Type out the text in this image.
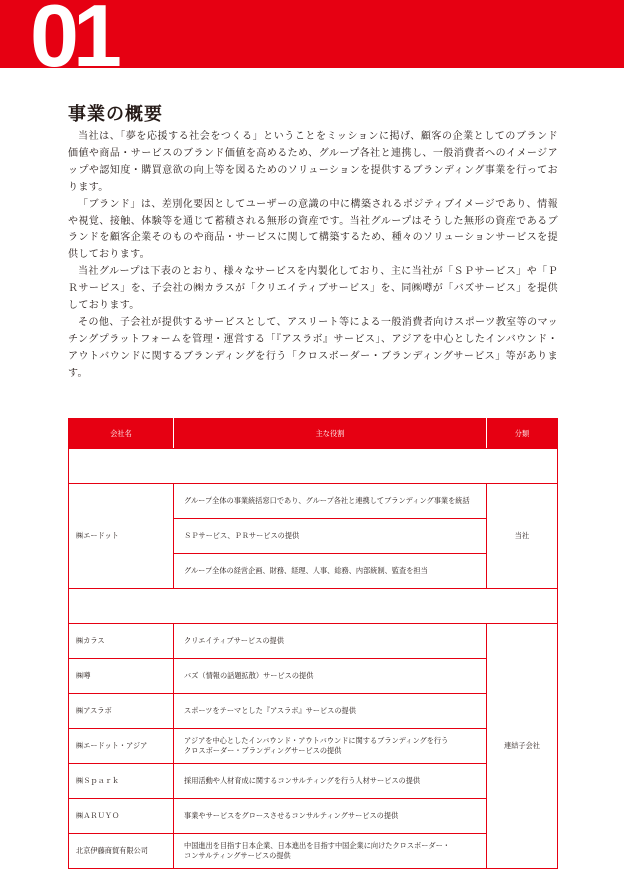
01
事業の概要

当社は、「夢を応援する社会をつくる」ということをミッションに掲げ、顧客の企業としてのブランド価値や商品・サービスのブランド価値を高めるため、グループ各社と連携し、一般消費者へのイメージアップや認知度・購買意欲の向上等を図るためのソリューションを提供するブランディング事業を行っております。

「ブランド」は、差別化要因としてユーザーの意識の中に構築されるポジティブイメージであり、情報や視覚、接触、体験等を通じて蓄積される無形の資産です。当社グループはそうした無形の資産であるブランドを顧客企業そのものや商品・サービスに関して構築するため、種々のソリューションサービスを提供しております。

当社グループは下表のとおり、様々なサービスを内製化しており、主に当社が「ＳＰサービス」や「ＰＲサービス」を、子会社の㈱カラスが「クリエイティブサービス」を、同㈱噂が「バズサービス」を提供しております。

その他、子会社が提供するサービスとして、アスリート等による一般消費者向けスポーツ教室等のマッチングプラットフォームを管理・運営する「『アスラボ』サービス」、アジアを中心としたインバウンド・アウトバウンドに関するブランディングを行う「クロスボーダー・ブランディングサービス」等があります。

会社名	主な役割	分類

㈱エードット	グループ全体の事業統括窓口であり、グループ各社と連携してブランディング事業を統括	当社
	ＳＰサービス、ＰＲサービスの提供	
	グループ全体の経営企画、財務、経理、人事、総務、内部統制、監査を担当	

㈱カラス	クリエイティブサービスの提供	連結子会社
㈱噂	バズ（情報の話題拡散）サービスの提供	
㈱アスラボ	スポーツをテーマとした『アスラボ』サービスの提供	
㈱エードット・アジア	アジアを中心としたインバウンド・アウトバウンドに関するブランディングを行う
クロスボーダー・ブランディングサービスの提供	
㈱Ｓｐａｒｋ	採用活動や人材育成に関するコンサルティングを行う人材サービスの提供	
㈱ＡＲＵＹＯ	事業やサービスをグロースさせるコンサルティングサービスの提供	
北京伊藤商貿有限公司	中国進出を目指す日本企業、日本進出を目指す中国企業に向けたクロスボーダー・
コンサルティングサービスの提供	
